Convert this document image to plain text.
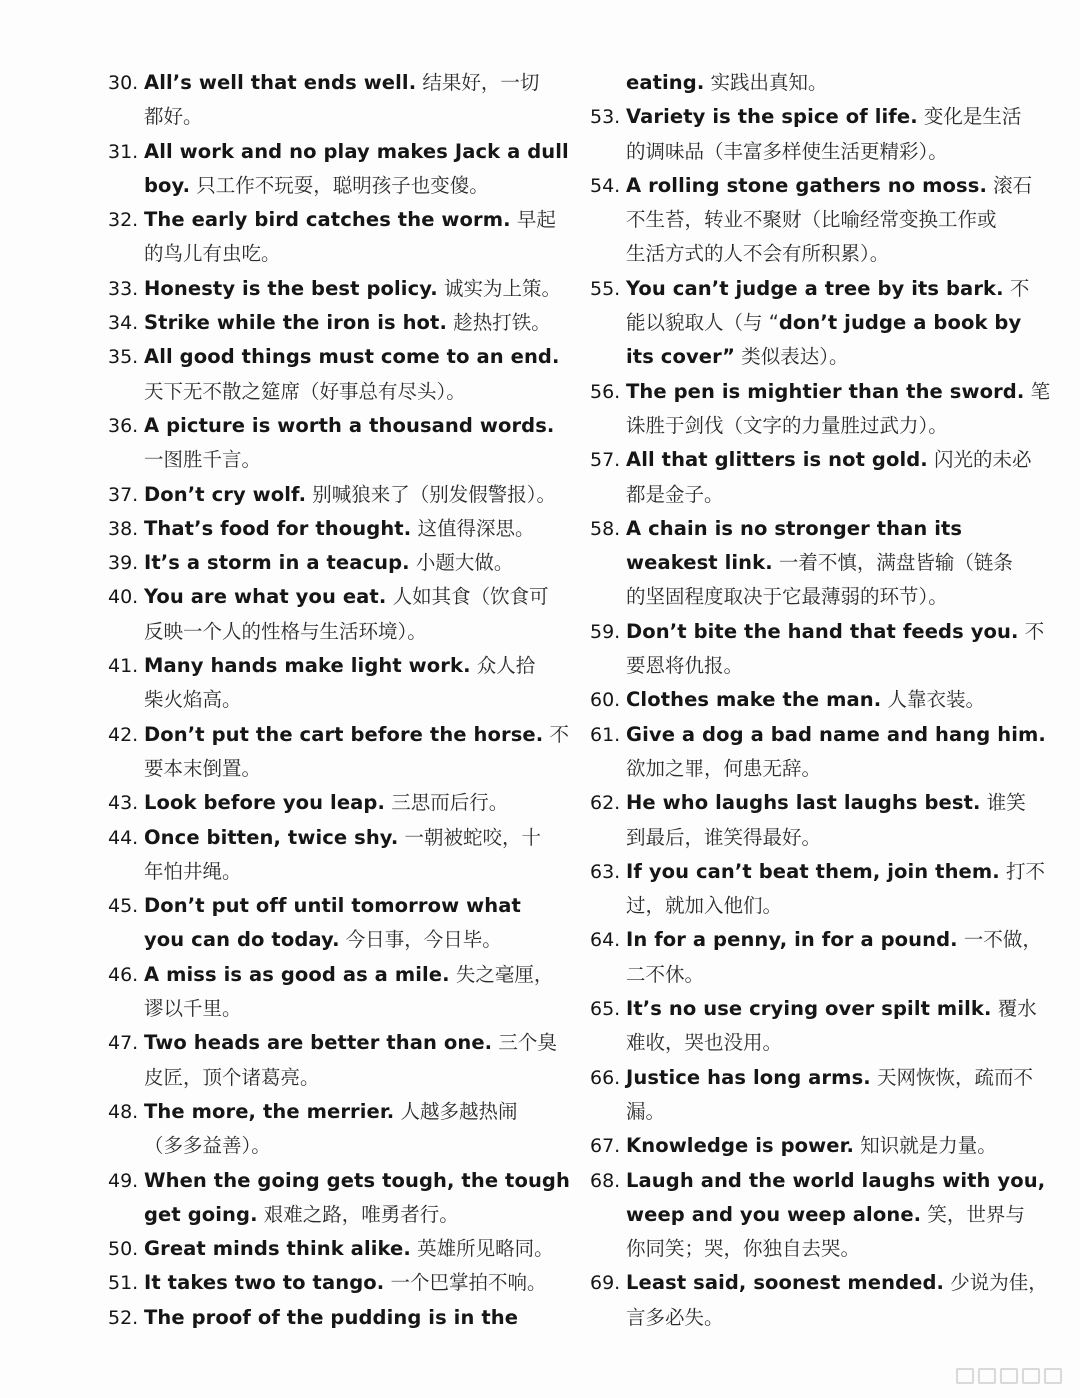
30. All’s well that ends well. 结果好，一切
都好。
31. All work and no play makes Jack a dull
boy. 只工作不玩耍，聪明孩子也变傻。
32. The early bird catches the worm. 早起
的鸟儿有虫吃。
33. Honesty is the best policy. 诚实为上策。
34. Strike while the iron is hot. 趁热打铁。
35. All good things must come to an end.
天下无不散之筵席（好事总有尽头）。
36. A picture is worth a thousand words.
一图胜千言。
37. Don’t cry wolf. 别喊狼来了（别发假警报）。
38. That’s food for thought. 这值得深思。
39. It’s a storm in a teacup. 小题大做。
40. You are what you eat. 人如其食（饮食可
反映一个人的性格与生活环境）。
41. Many hands make light work. 众人拾
柴火焰高。
42. Don’t put the cart before the horse. 不
要本末倒置。
43. Look before you leap. 三思而后行。
44. Once bitten, twice shy. 一朝被蛇咬，十
年怕井绳。
45. Don’t put off until tomorrow what
you can do today. 今日事，今日毕。
46. A miss is as good as a mile. 失之毫厘，
谬以千里。
47. Two heads are better than one. 三个臭
皮匠，顶个诸葛亮。
48. The more, the merrier. 人越多越热闹
（多多益善）。
49. When the going gets tough, the tough
get going. 艰难之路，唯勇者行。
50. Great minds think alike. 英雄所见略同。
51. It takes two to tango. 一个巴掌拍不响。
52. The proof of the pudding is in the
eating. 实践出真知。
53. Variety is the spice of life. 变化是生活
的调味品（丰富多样使生活更精彩）。
54. A rolling stone gathers no moss. 滚石
不生苔，转业不聚财（比喻经常变换工作或
生活方式的人不会有所积累）。
55. You can’t judge a tree by its bark. 不
能以貌取人（与 “don’t judge a book by
its cover” 类似表达）。
56. The pen is mightier than the sword. 笔
诛胜于剑伐（文字的力量胜过武力）。
57. All that glitters is not gold. 闪光的未必
都是金子。
58. A chain is no stronger than its
weakest link. 一着不慎，满盘皆输（链条
的坚固程度取决于它最薄弱的环节）。
59. Don’t bite the hand that feeds you. 不
要恩将仇报。
60. Clothes make the man. 人靠衣装。
61. Give a dog a bad name and hang him.
欲加之罪，何患无辞。
62. He who laughs last laughs best. 谁笑
到最后，谁笑得最好。
63. If you can’t beat them, join them. 打不
过，就加入他们。
64. In for a penny, in for a pound. 一不做，
二不休。
65. It’s no use crying over spilt milk. 覆水
难收，哭也没用。
66. Justice has long arms. 天网恢恢，疏而不
漏。
67. Knowledge is power. 知识就是力量。
68. Laugh and the world laughs with you,
weep and you weep alone. 笑，世界与
你同笑；哭，你独自去哭。
69. Least said, soonest mended. 少说为佳，
言多必失。
